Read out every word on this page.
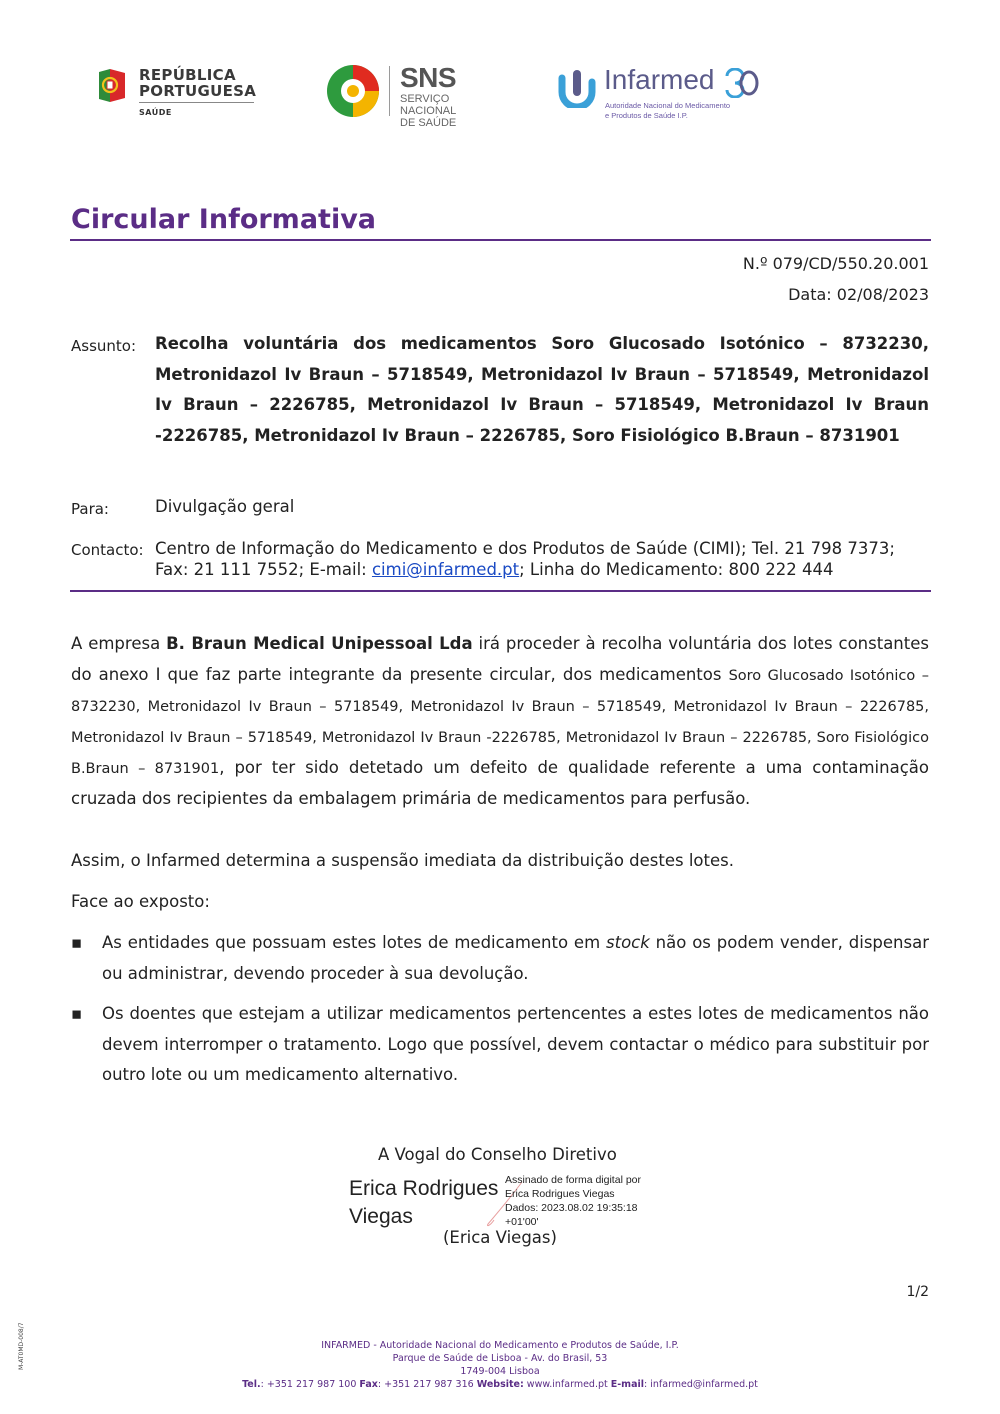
REPÚBLICA
PORTUGUESA
SAÚDE
SNS
SERVIÇO NACIONAL
DE SAÚDE
Infarmed
Autoridade Nacional do Medicamento
e Produtos de Saúde I.P.
Circular Informativa
N.º 079/CD/550.20.001
Data: 02/08/2023
Assunto: Recolha voluntária dos medicamentos Soro Glucosado Isotónico – 8732230, Metronidazol Iv Braun – 5718549, Metronidazol Iv Braun – 5718549, Metronidazol Iv Braun – 2226785, Metronidazol Iv Braun – 5718549, Metronidazol Iv Braun -2226785, Metronidazol Iv Braun – 2226785, Soro Fisiológico B.Braun – 8731901
Para:	Divulgação geral
Contacto: Centro de Informação do Medicamento e dos Produtos de Saúde (CIMI); Tel. 21 798 7373; Fax: 21 111 7552; E-mail: cimi@infarmed.pt; Linha do Medicamento: 800 222 444
A empresa B. Braun Medical Unipessoal Lda irá proceder à recolha voluntária dos lotes constantes do anexo I que faz parte integrante da presente circular, dos medicamentos Soro Glucosado Isotónico – 8732230, Metronidazol Iv Braun – 5718549, Metronidazol Iv Braun – 5718549, Metronidazol Iv Braun – 2226785, Metronidazol Iv Braun – 5718549, Metronidazol Iv Braun -2226785, Metronidazol Iv Braun – 2226785, Soro Fisiológico B.Braun – 8731901, por ter sido detetado um defeito de qualidade referente a uma contaminação cruzada dos recipientes da embalagem primária de medicamentos para perfusão.
Assim, o Infarmed determina a suspensão imediata da distribuição destes lotes.
Face ao exposto:
▪	As entidades que possuam estes lotes de medicamento em stock não os podem vender, dispensar ou administrar, devendo proceder à sua devolução.
▪	Os doentes que estejam a utilizar medicamentos pertencentes a estes lotes de medicamentos não devem interromper o tratamento. Logo que possível, devem contactar o médico para substituir por outro lote ou um medicamento alternativo.
A Vogal do Conselho Diretivo
Erica Rodrigues
Viegas
Assinado de forma digital por
Erica Rodrigues Viegas
Dados: 2023.08.02 19:35:18
+01'00'
(Erica Viegas)
1/2
M-AT0MD-008/7	INFARMED - Autoridade Nacional do Medicamento e Produtos de Saúde, I.P.
Parque de Saúde de Lisboa - Av. do Brasil, 53
1749-004 Lisboa
Tel.: +351 217 987 100 Fax: +351 217 987 316 Website: www.infarmed.pt E-mail: infarmed@infarmed.pt
